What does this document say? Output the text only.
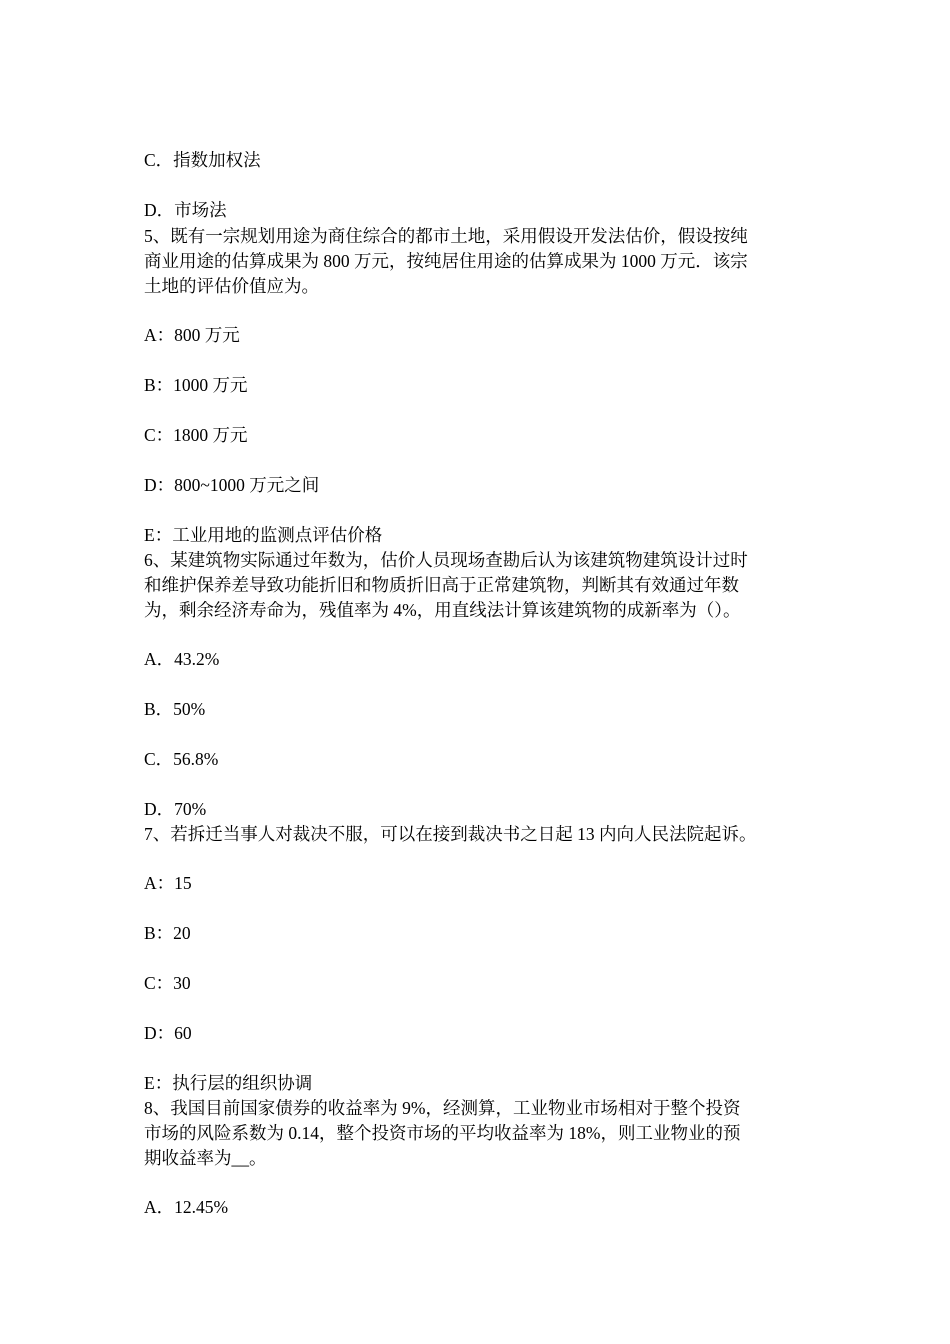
C．指数加权法
D．市场法
5、既有一宗规划用途为商住综合的都市土地，采用假设开发法估价，假设按纯
商业用途的估算成果为 800 万元，按纯居住用途的估算成果为 1000 万元．该宗
土地的评估价值应为。
A：800 万元
B：1000 万元
C：1800 万元
D：800~1000 万元之间
E：工业用地的监测点评估价格
6、某建筑物实际通过年数为，估价人员现场查勘后认为该建筑物建筑设计过时
和维护保养差导致功能折旧和物质折旧高于正常建筑物，判断其有效通过年数
为，剩余经济寿命为，残值率为 4%，用直线法计算该建筑物的成新率为（）。
A．43.2%
B．50%
C．56.8%
D．70%
7、若拆迁当事人对裁决不服，可以在接到裁决书之日起 13 内向人民法院起诉。
A：15
B：20
C：30
D：60
E：执行层的组织协调
8、我国目前国家债券的收益率为 9%，经测算，工业物业市场相对于整个投资
市场的风险系数为 0.14，整个投资市场的平均收益率为 18%，则工业物业的预
期收益率为__。
A．12.45%
